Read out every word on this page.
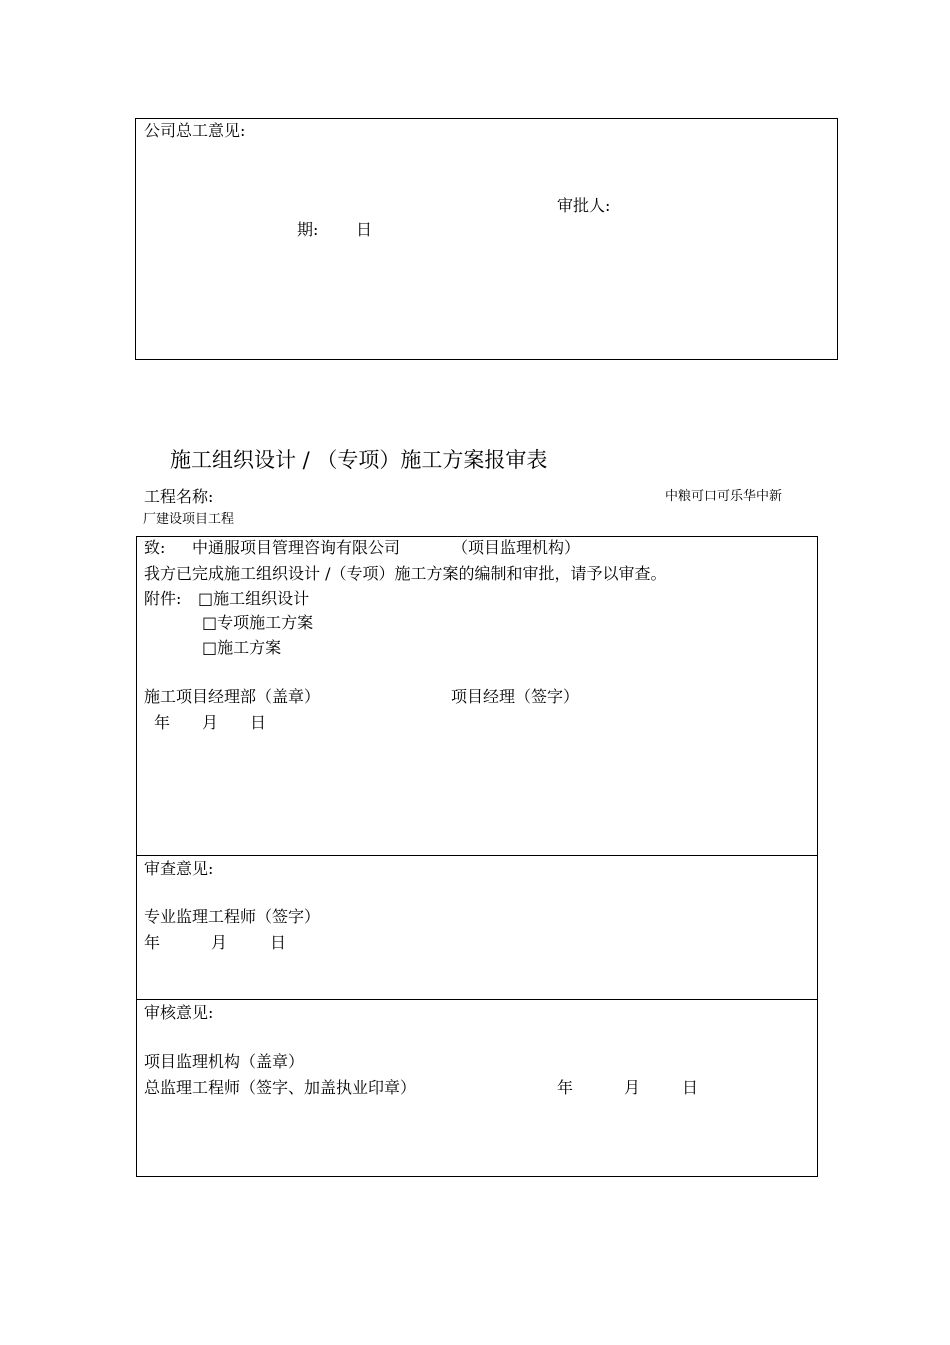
公司总工意见:
审批人:
期: 日
施工组织设计 / （专项）施工方案报审表
工程名称:	中粮可口可乐华中新
厂建设项目工程
致: 中通服项目管理咨询有限公司	（项目监理机构）
我方已完成施工组织设计 /（专项）施工方案的编制和审批，请予以审查。
附件: □施工组织设计
□专项施工方案
□施工方案
施工项目经理部（盖章）	项目经理（签字）
年 月 日
审查意见:
专业监理工程师（签字）
年	月	日
审核意见:
项目监理机构（盖章）
总监理工程师（签字、加盖执业印章）	年	月	日
